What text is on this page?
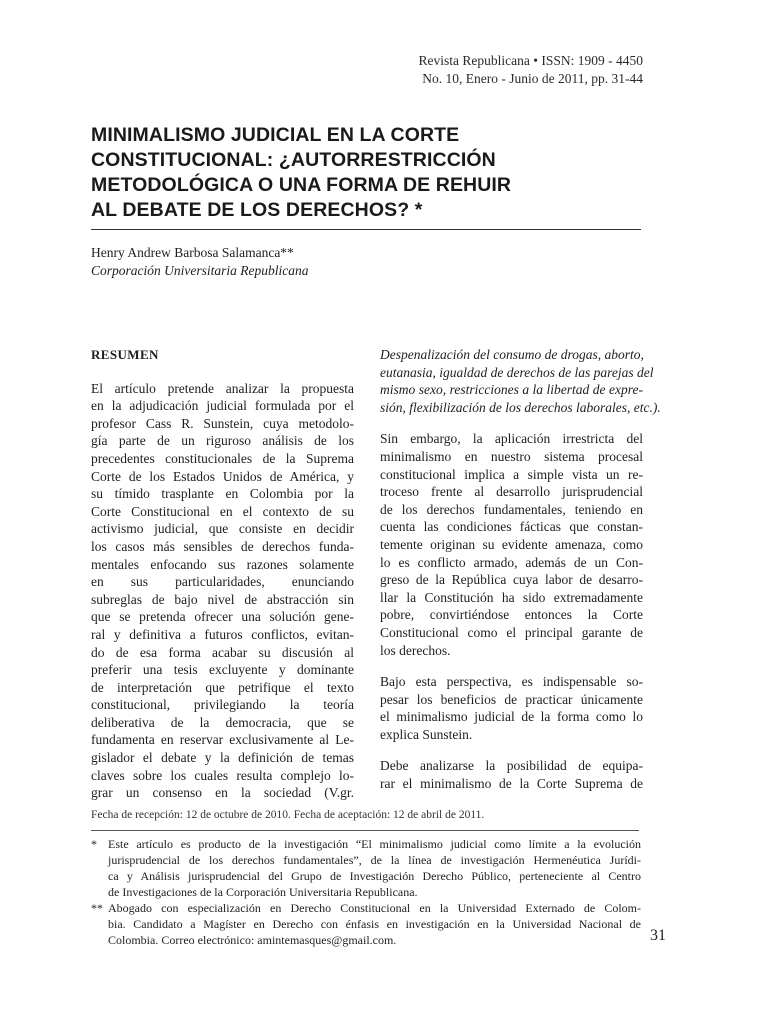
Revista Republicana • ISSN: 1909 - 4450
No. 10, Enero - Junio de 2011, pp. 31-44
MINIMALISMO JUDICIAL EN LA CORTE
CONSTITUCIONAL: ¿AUTORRESTRICCIÓN
METODOLÓGICA O UNA FORMA DE REHUIR
AL DEBATE DE LOS DERECHOS? *
Henry Andrew Barbosa Salamanca**
Corporación Universitaria Republicana

RESUMEN

El artículo pretende analizar la propuesta
en la adjudicación judicial formulada por el
profesor Cass R. Sunstein, cuya metodolo-
gía parte de un riguroso análisis de los
precedentes constitucionales de la Suprema
Corte de los Estados Unidos de América, y
su tímido trasplante en Colombia por la
Corte Constitucional en el contexto de su
activismo judicial, que consiste en decidir
los casos más sensibles de derechos funda-
mentales enfocando sus razones solamente
en sus particularidades, enunciando
subreglas de bajo nivel de abstracción sin
que se pretenda ofrecer una solución gene-
ral y definitiva a futuros conflictos, evitan-
do de esa forma acabar su discusión al
preferir una tesis excluyente y dominante
de interpretación que petrifique el texto
constitucional, privilegiando la teoría
deliberativa de la democracia, que se
fundamenta en reservar exclusivamente al Le-
gislador el debate y la definición de temas
claves sobre los cuales resulta complejo lo-
grar un consenso en la sociedad (V.gr.

Despenalización del consumo de drogas, aborto,
eutanasia, igualdad de derechos de las parejas del
mismo sexo, restricciones a la libertad de expre-
sión, flexibilización de los derechos laborales, etc.).

Sin embargo, la aplicación irrestricta del
minimalismo en nuestro sistema procesal
constitucional implica a simple vista un re-
troceso frente al desarrollo jurisprudencial
de los derechos fundamentales, teniendo en
cuenta las condiciones fácticas que constan-
temente originan su evidente amenaza, como
lo es conflicto armado, además de un Con-
greso de la República cuya labor de desarro-
llar la Constitución ha sido extremadamente
pobre, convirtiéndose entonces la Corte
Constitucional como el principal garante de
los derechos.

Bajo esta perspectiva, es indispensable so-
pesar los beneficios de practicar únicamente
el minimalismo judicial de la forma como lo
explica Sunstein.

Debe analizarse la posibilidad de equipa-
rar el minimalismo de la Corte Suprema de

Fecha de recepción: 12 de octubre de 2010. Fecha de aceptación: 12 de abril de 2011.
* Este artículo es producto de la investigación “El minimalismo judicial como límite a la evolución
jurisprudencial de los derechos fundamentales”, de la línea de investigación Hermenéutica Jurídi-
ca y Análisis jurisprudencial del Grupo de Investigación Derecho Público, perteneciente al Centro
de Investigaciones de la Corporación Universitaria Republicana.
** Abogado con especialización en Derecho Constitucional en la Universidad Externado de Colom-
bia. Candidato a Magíster en Derecho con énfasis en investigación en la Universidad Nacional de
Colombia. Correo electrónico: amintemasques@gmail.com.	31
